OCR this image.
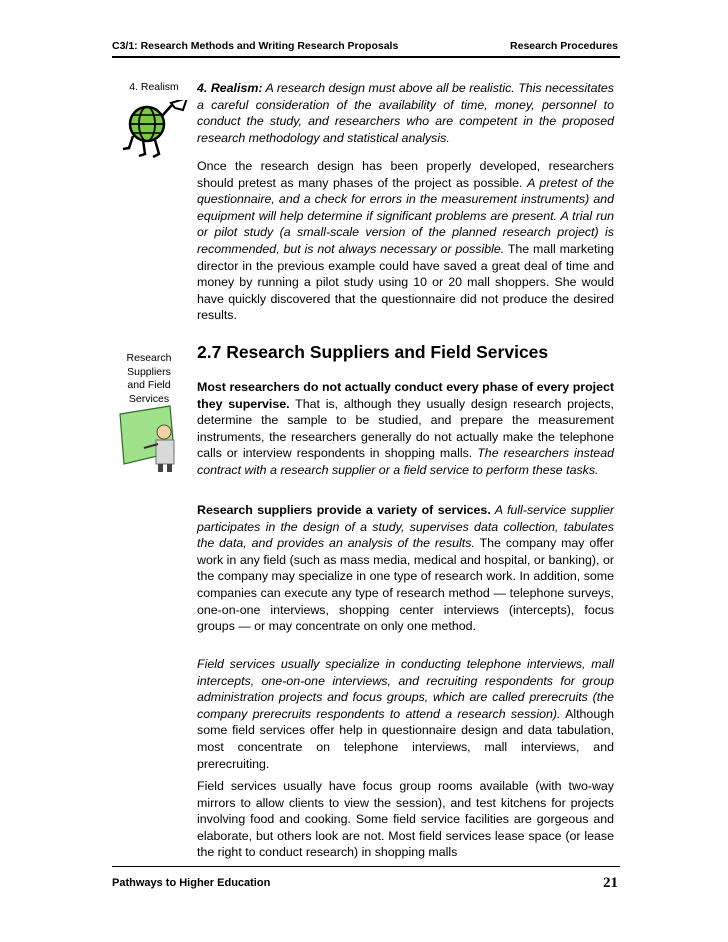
C3/1: Research Methods and Writing Research Proposals	Research Procedures
4. Realism
Research Suppliers and Field Services
4. Realism: A research design must above all be realistic. This necessitates a careful consideration of the availability of time, money, personnel to conduct the study, and researchers who are competent in the proposed research methodology and statistical analysis.
Once the research design has been properly developed, researchers should pretest as many phases of the project as possible. A pretest of the questionnaire, and a check for errors in the measurement instruments) and equipment will help determine if significant problems are present. A trial run or pilot study (a small-scale version of the planned research project) is recommended, but is not always necessary or possible. The mall marketing director in the previous example could have saved a great deal of time and money by running a pilot study using 10 or 20 mall shoppers. She would have quickly discovered that the questionnaire did not produce the desired results.
2.7 Research Suppliers and Field Services
Most researchers do not actually conduct every phase of every project they supervise. That is, although they usually design research projects, determine the sample to be studied, and prepare the measurement instruments, the researchers generally do not actually make the telephone calls or interview respondents in shopping malls. The researchers instead contract with a research supplier or a field service to perform these tasks.
Research suppliers provide a variety of services. A full-service supplier participates in the design of a study, supervises data collection, tabulates the data, and provides an analysis of the results. The company may offer work in any field (such as mass media, medical and hospital, or banking), or the company may specialize in one type of research work. In addition, some companies can execute any type of research method — telephone surveys, one-on-one interviews, shopping center interviews (intercepts), focus groups — or may concentrate on only one method.
Field services usually specialize in conducting telephone interviews, mall intercepts, one-on-one interviews, and recruiting respondents for group administration projects and focus groups, which are called prerecruits (the company prerecruits respondents to attend a research session). Although some field services offer help in questionnaire design and data tabulation, most concentrate on telephone interviews, mall interviews, and prerecruiting.
Field services usually have focus group rooms available (with two-way mirrors to allow clients to view the session), and test kitchens for projects involving food and cooking. Some field service facilities are gorgeous and elaborate, but others look are not. Most field services lease space (or lease the right to conduct research) in shopping malls
Pathways to Higher Education	21
